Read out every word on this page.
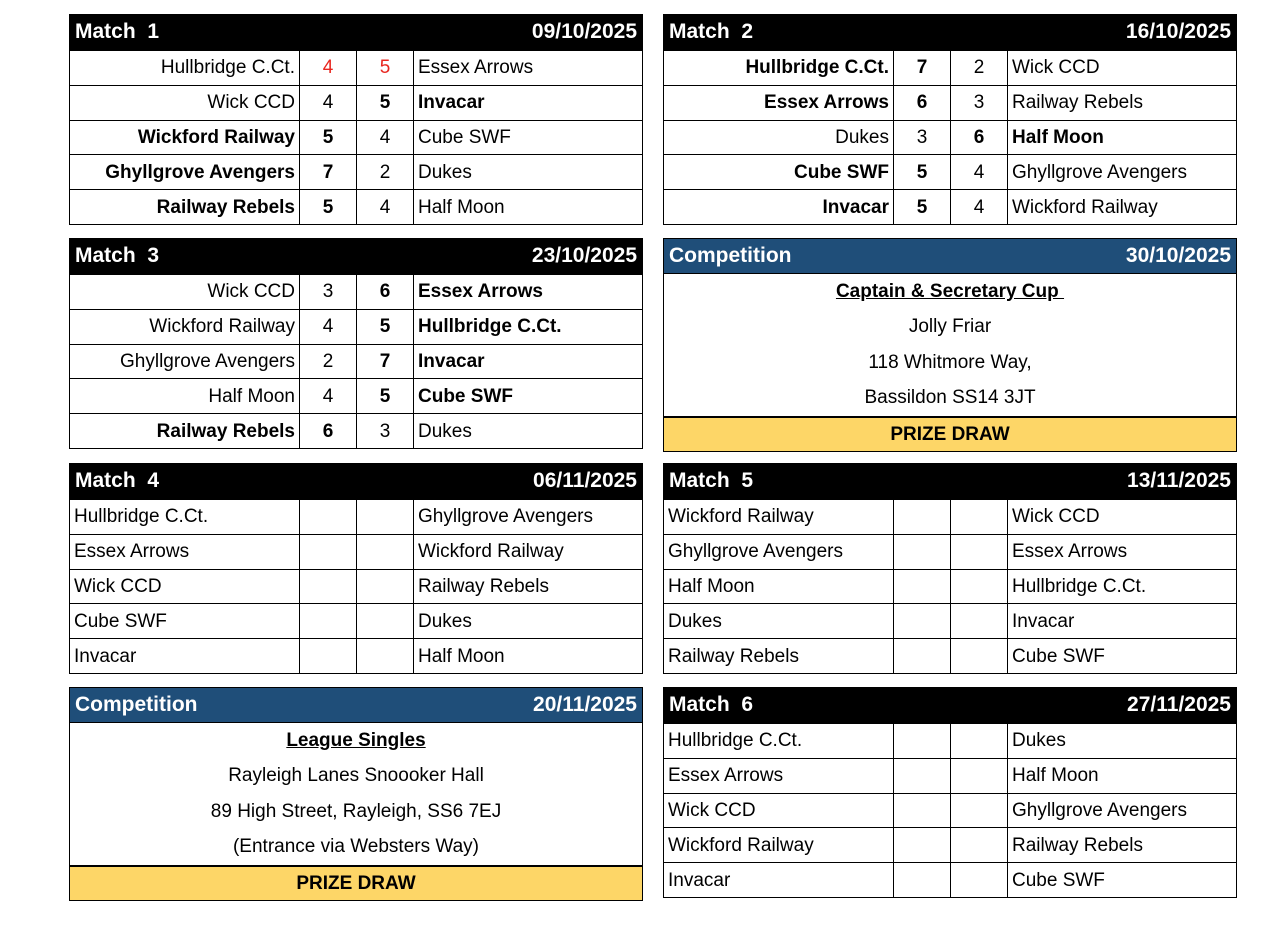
Match  1	09/10/2025
Hullbridge C.Ct.	4	5	Essex Arrows
Wick CCD	4	5	Invacar
Wickford Railway	5	4	Cube SWF
Ghyllgrove Avengers	7	2	Dukes
Railway Rebels	5	4	Half Moon
Match  2	16/10/2025
Hullbridge C.Ct.	7	2	Wick CCD
Essex Arrows	6	3	Railway Rebels
Dukes	3	6	Half Moon
Cube SWF	5	4	Ghyllgrove Avengers
Invacar	5	4	Wickford Railway
Match  3	23/10/2025
Wick CCD	3	6	Essex Arrows
Wickford Railway	4	5	Hullbridge C.Ct.
Ghyllgrove Avengers	2	7	Invacar
Half Moon	4	5	Cube SWF
Railway Rebels	6	3	Dukes
Competition	30/10/2025
Captain & Secretary Cup
Jolly Friar
118 Whitmore Way,
Bassildon SS14 3JT
PRIZE DRAW
Match  4	06/11/2025
Hullbridge C.Ct.			Ghyllgrove Avengers
Essex Arrows			Wickford Railway
Wick CCD			Railway Rebels
Cube SWF			Dukes
Invacar			Half Moon
Match  5	13/11/2025
Wickford Railway			Wick CCD
Ghyllgrove Avengers			Essex Arrows
Half Moon			Hullbridge C.Ct.
Dukes			Invacar
Railway Rebels			Cube SWF
Competition	20/11/2025
League Singles
Rayleigh Lanes Snoooker Hall
89 High Street, Rayleigh, SS6 7EJ
(Entrance via Websters Way)
PRIZE DRAW
Match  6	27/11/2025
Hullbridge C.Ct.			Dukes
Essex Arrows			Half Moon
Wick CCD			Ghyllgrove Avengers
Wickford Railway			Railway Rebels
Invacar			Cube SWF
